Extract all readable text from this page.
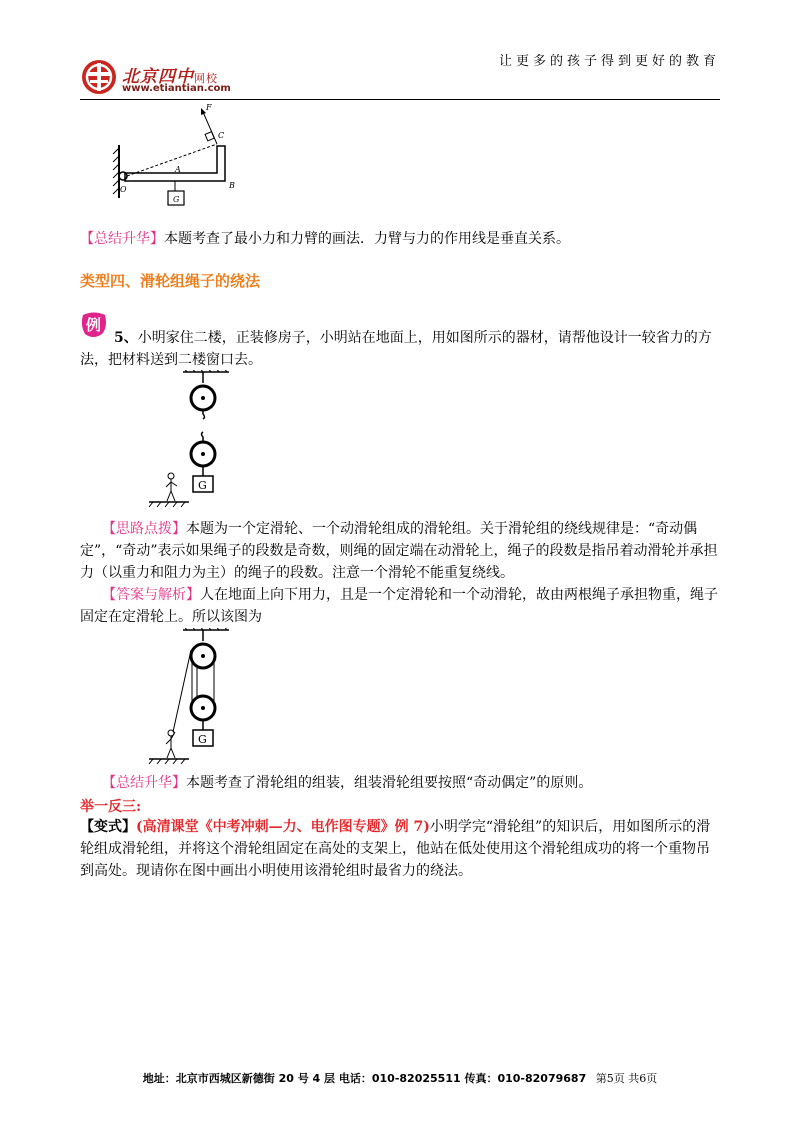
北京四中网校
www.etiantian.com
让更多的孩子得到更好的教育
F
C
A
O	B
G

【总结升华】本题考查了最小力和力臂的画法．力臂与力的作用线是垂直关系。

类型四、滑轮组绳子的绕法
例

5、小明家住二楼，正装修房子，小明站在地面上，用如图所示的器材，请帮他设计一较省力的方法，把材料送到二楼窗口去。

G

【思路点拨】本题为一个定滑轮、一个动滑轮组成的滑轮组。关于滑轮组的绕线规律是：“奇动偶定”，“奇动”表示如果绳子的段数是奇数，则绳的固定端在动滑轮上，绳子的段数是指吊着动滑轮并承担力（以重力和阻力为主）的绳子的段数。注意一个滑轮不能重复绕线。

【答案与解析】人在地面上向下用力，且是一个定滑轮和一个动滑轮，故由两根绳子承担物重，绳子固定在定滑轮上。所以该图为

G

【总结升华】本题考查了滑轮组的组装，组装滑轮组要按照“奇动偶定”的原则。

举一反三:

【变式】(高清课堂《中考冲刺—力、电作图专题》例 7)小明学完“滑轮组”的知识后，用如图所示的滑轮组成滑轮组，并将这个滑轮组固定在高处的支架上，他站在低处使用这个滑轮组成功的将一个重物吊到高处。现请你在图中画出小明使用该滑轮组时最省力的绕法。

地址：北京市西城区新德街 20 号 4 层 电话：010-82025511 传真：010-82079687 第5页 共6页
